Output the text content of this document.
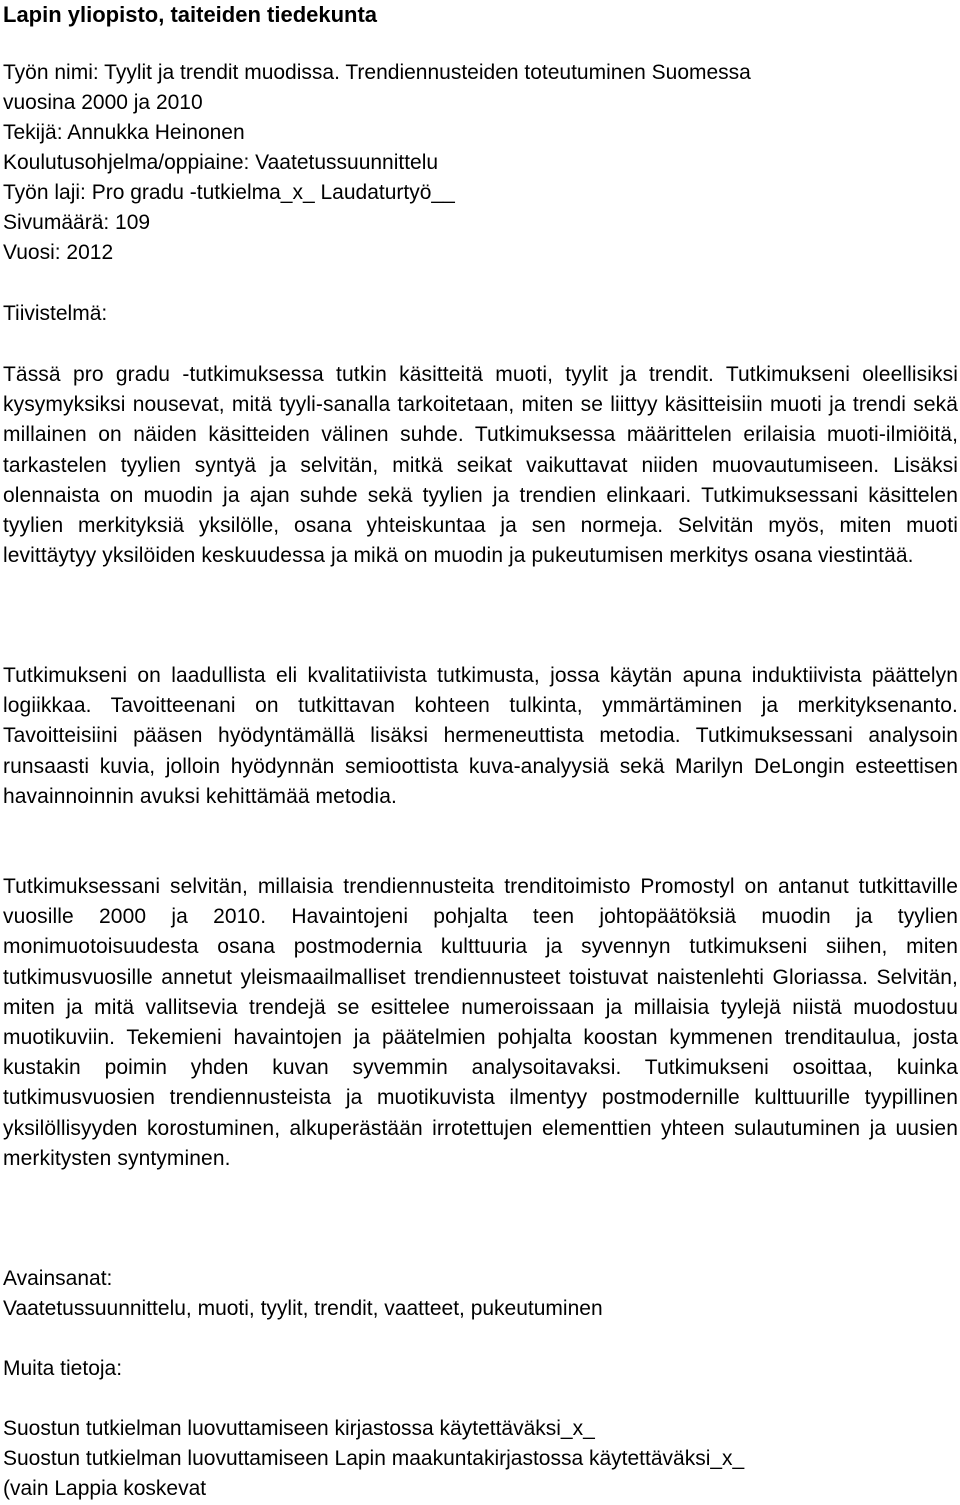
Lapin yliopisto, taiteiden tiedekunta
Työn nimi: Tyylit ja trendit muodissa. Trendiennusteiden toteutuminen Suomessa
vuosina 2000 ja 2010
Tekijä: Annukka Heinonen
Koulutusohjelma/oppiaine: Vaatetussuunnittelu
Työn laji: Pro gradu -tutkielma_x_ Laudaturtyö__
Sivumäärä: 109
Vuosi: 2012
Tiivistelmä:
Tässä pro gradu -tutkimuksessa tutkin käsitteitä muoti, tyylit ja trendit. Tutkimukseni oleellisiksi kysymyksiksi nousevat, mitä tyyli-sanalla tarkoitetaan, miten se liittyy käsitteisiin muoti ja trendi sekä millainen on näiden käsitteiden välinen suhde. Tutkimuksessa määrittelen erilaisia muoti-ilmiöitä, tarkastelen tyylien syntyä ja selvitän, mitkä seikat vaikuttavat niiden muovautumiseen. Lisäksi olennaista on muodin ja ajan suhde sekä tyylien ja trendien elinkaari. Tutkimuksessani käsittelen tyylien merkityksiä yksilölle, osana yhteiskuntaa ja sen normeja. Selvitän myös, miten muoti levittäytyy yksilöiden keskuudessa ja mikä on muodin ja pukeutumisen merkitys osana viestintää.
Tutkimukseni on laadullista eli kvalitatiivista tutkimusta, jossa käytän apuna induktiivista päättelyn logiikkaa. Tavoitteenani on tutkittavan kohteen tulkinta, ymmärtäminen ja merkityksenanto. Tavoitteisiini pääsen hyödyntämällä lisäksi hermeneuttista metodia. Tutkimuksessani analysoin runsaasti kuvia, jolloin hyödynnän semioottista kuva-analyysiä sekä Marilyn DeLongin esteettisen havainnoinnin avuksi kehittämää metodia.
Tutkimuksessani selvitän, millaisia trendiennusteita trenditoimisto Promostyl on antanut tutkittaville vuosille 2000 ja 2010. Havaintojeni pohjalta teen johtopäätöksiä muodin ja tyylien monimuotoisuudesta osana postmodernia kulttuuria ja syvennyn tutkimukseni siihen, miten tutkimusvuosille annetut yleismaailmalliset trendiennusteet toistuvat naistenlehti Gloriassa. Selvitän, miten ja mitä vallitsevia trendejä se esittelee numeroissaan ja millaisia tyylejä niistä muodostuu muotikuviin. Tekemieni havaintojen ja päätelmien pohjalta koostan kymmenen trenditaulua, josta kustakin poimin yhden kuvan syvemmin analysoitavaksi. Tutkimukseni osoittaa, kuinka tutkimusvuosien trendiennusteista ja muotikuvista ilmentyy postmodernille kulttuurille tyypillinen yksilöllisyyden korostuminen, alkuperästään irrotettujen elementtien yhteen sulautuminen ja uusien merkitysten syntyminen.
Avainsanat:
Vaatetussuunnittelu, muoti, tyylit, trendit, vaatteet, pukeutuminen
Muita tietoja:
Suostun tutkielman luovuttamiseen kirjastossa käytettäväksi_x_
Suostun tutkielman luovuttamiseen Lapin maakuntakirjastossa käytettäväksi_x_
(vain Lappia koskevat
